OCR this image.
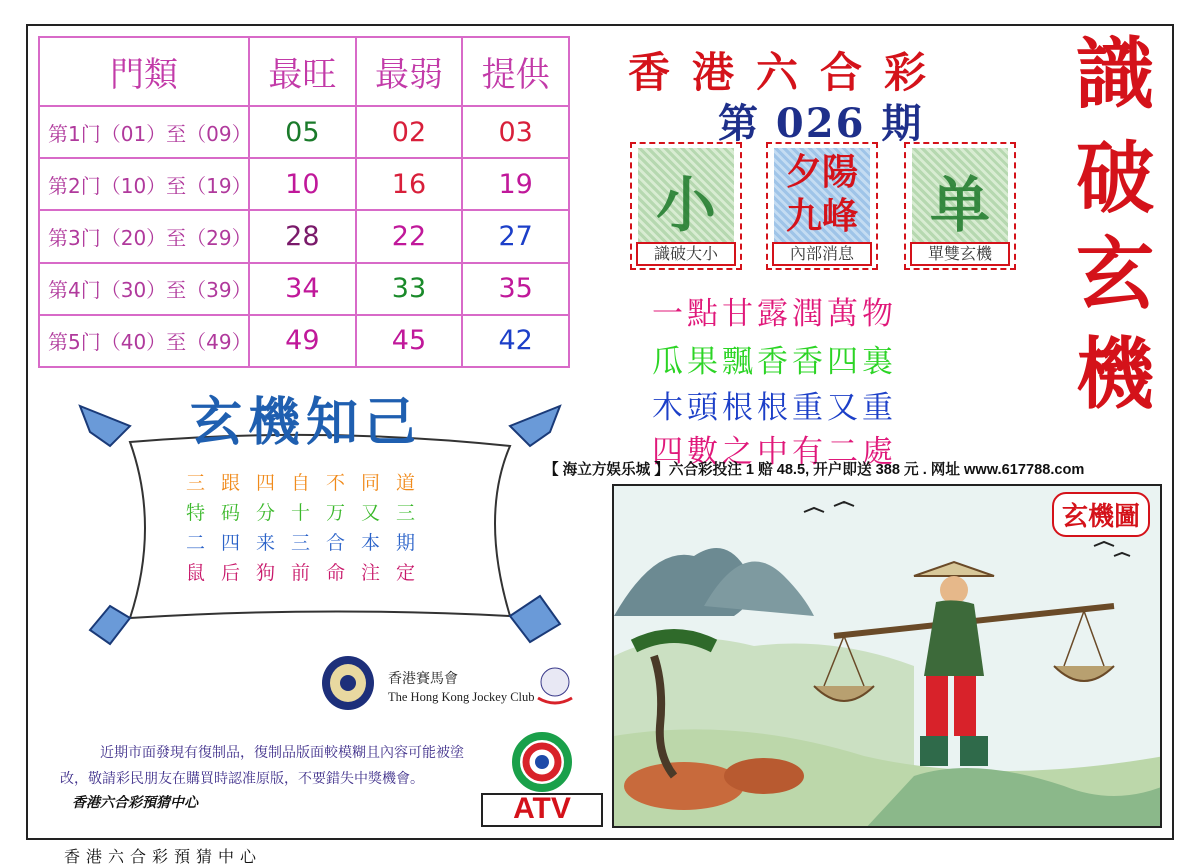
門類	最旺	最弱	提供
第1门（01）至（09）	05	02	03
第2门（10）至（19）	10	16	19
第3门（20）至（29）	28	22	27
第4门（30）至（39）	34	33	35
第5门（40）至（49）	49	45	42
香港六合彩
第 026 期
識
破
玄
機
小
識破大小
夕陽九峰
內部消息
单
單雙玄機
一點甘露潤萬物
瓜果飄香香四裏
木頭根根重又重
四數之中有二處
【 海立方娱乐城 】六合彩投注 1 赔 48.5, 开户即送 388 元 . 网址 www.617788.com
玄機圖
玄機知己
三跟四自不同道
特码分十万又三
二四来三合本期
鼠后狗前命注定
香港賽馬會
The Hong Kong Jockey Club
近期市面發現有復制品，復制品版面較模糊且內容可能被塗改，敬請彩民朋友在購買時認准原版，不要錯失中獎機會。
香港六合彩預猜中心	ATV
香港六合彩預猜中心
